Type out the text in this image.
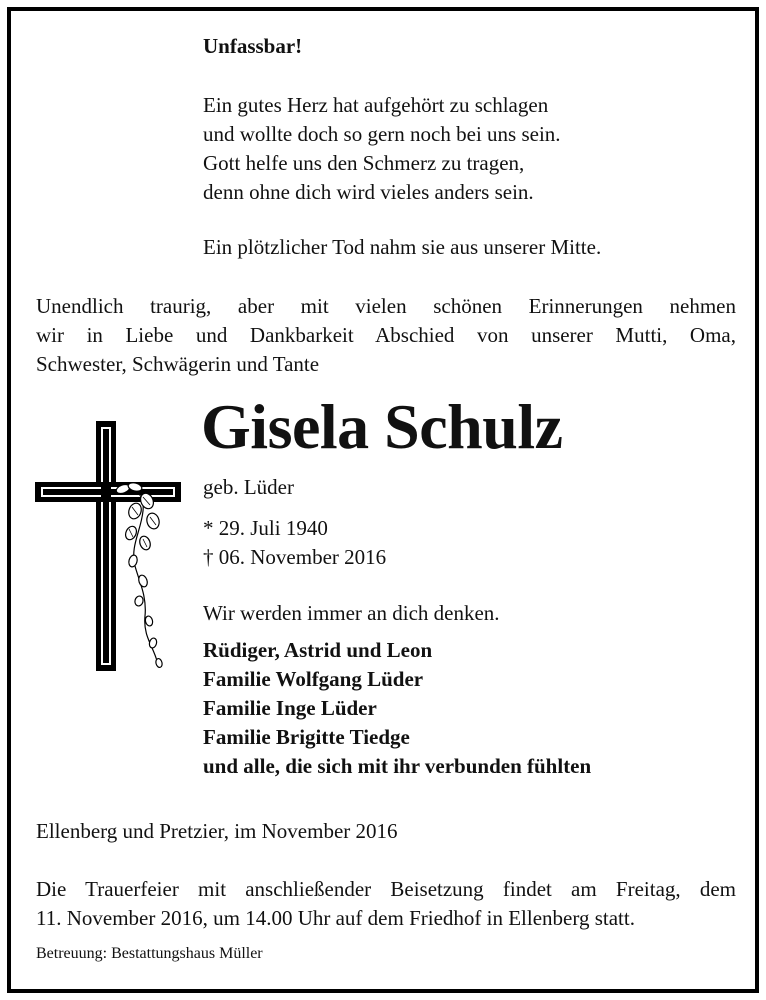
Unfassbar!
Ein gutes Herz hat aufgehört zu schlagen
und wollte doch so gern noch bei uns sein.
Gott helfe uns den Schmerz zu tragen,
denn ohne dich wird vieles anders sein.
Ein plötzlicher Tod nahm sie aus unserer Mitte.
Unendlich traurig, aber mit vielen schönen Erinnerungen nehmen
wir in Liebe und Dankbarkeit Abschied von unserer Mutti, Oma,
Schwester, Schwägerin und Tante
Gisela Schulz
geb. Lüder
* 29. Juli 1940
† 06. November 2016
Wir werden immer an dich denken.
Rüdiger, Astrid und Leon
Familie Wolfgang Lüder
Familie Inge Lüder
Familie Brigitte Tiedge
und alle, die sich mit ihr verbunden fühlten
Ellenberg und Pretzier, im November 2016
Die Trauerfeier mit anschließender Beisetzung findet am Freitag, dem
11. November 2016, um 14.00 Uhr auf dem Friedhof in Ellenberg statt.
Betreuung: Bestattungshaus Müller
